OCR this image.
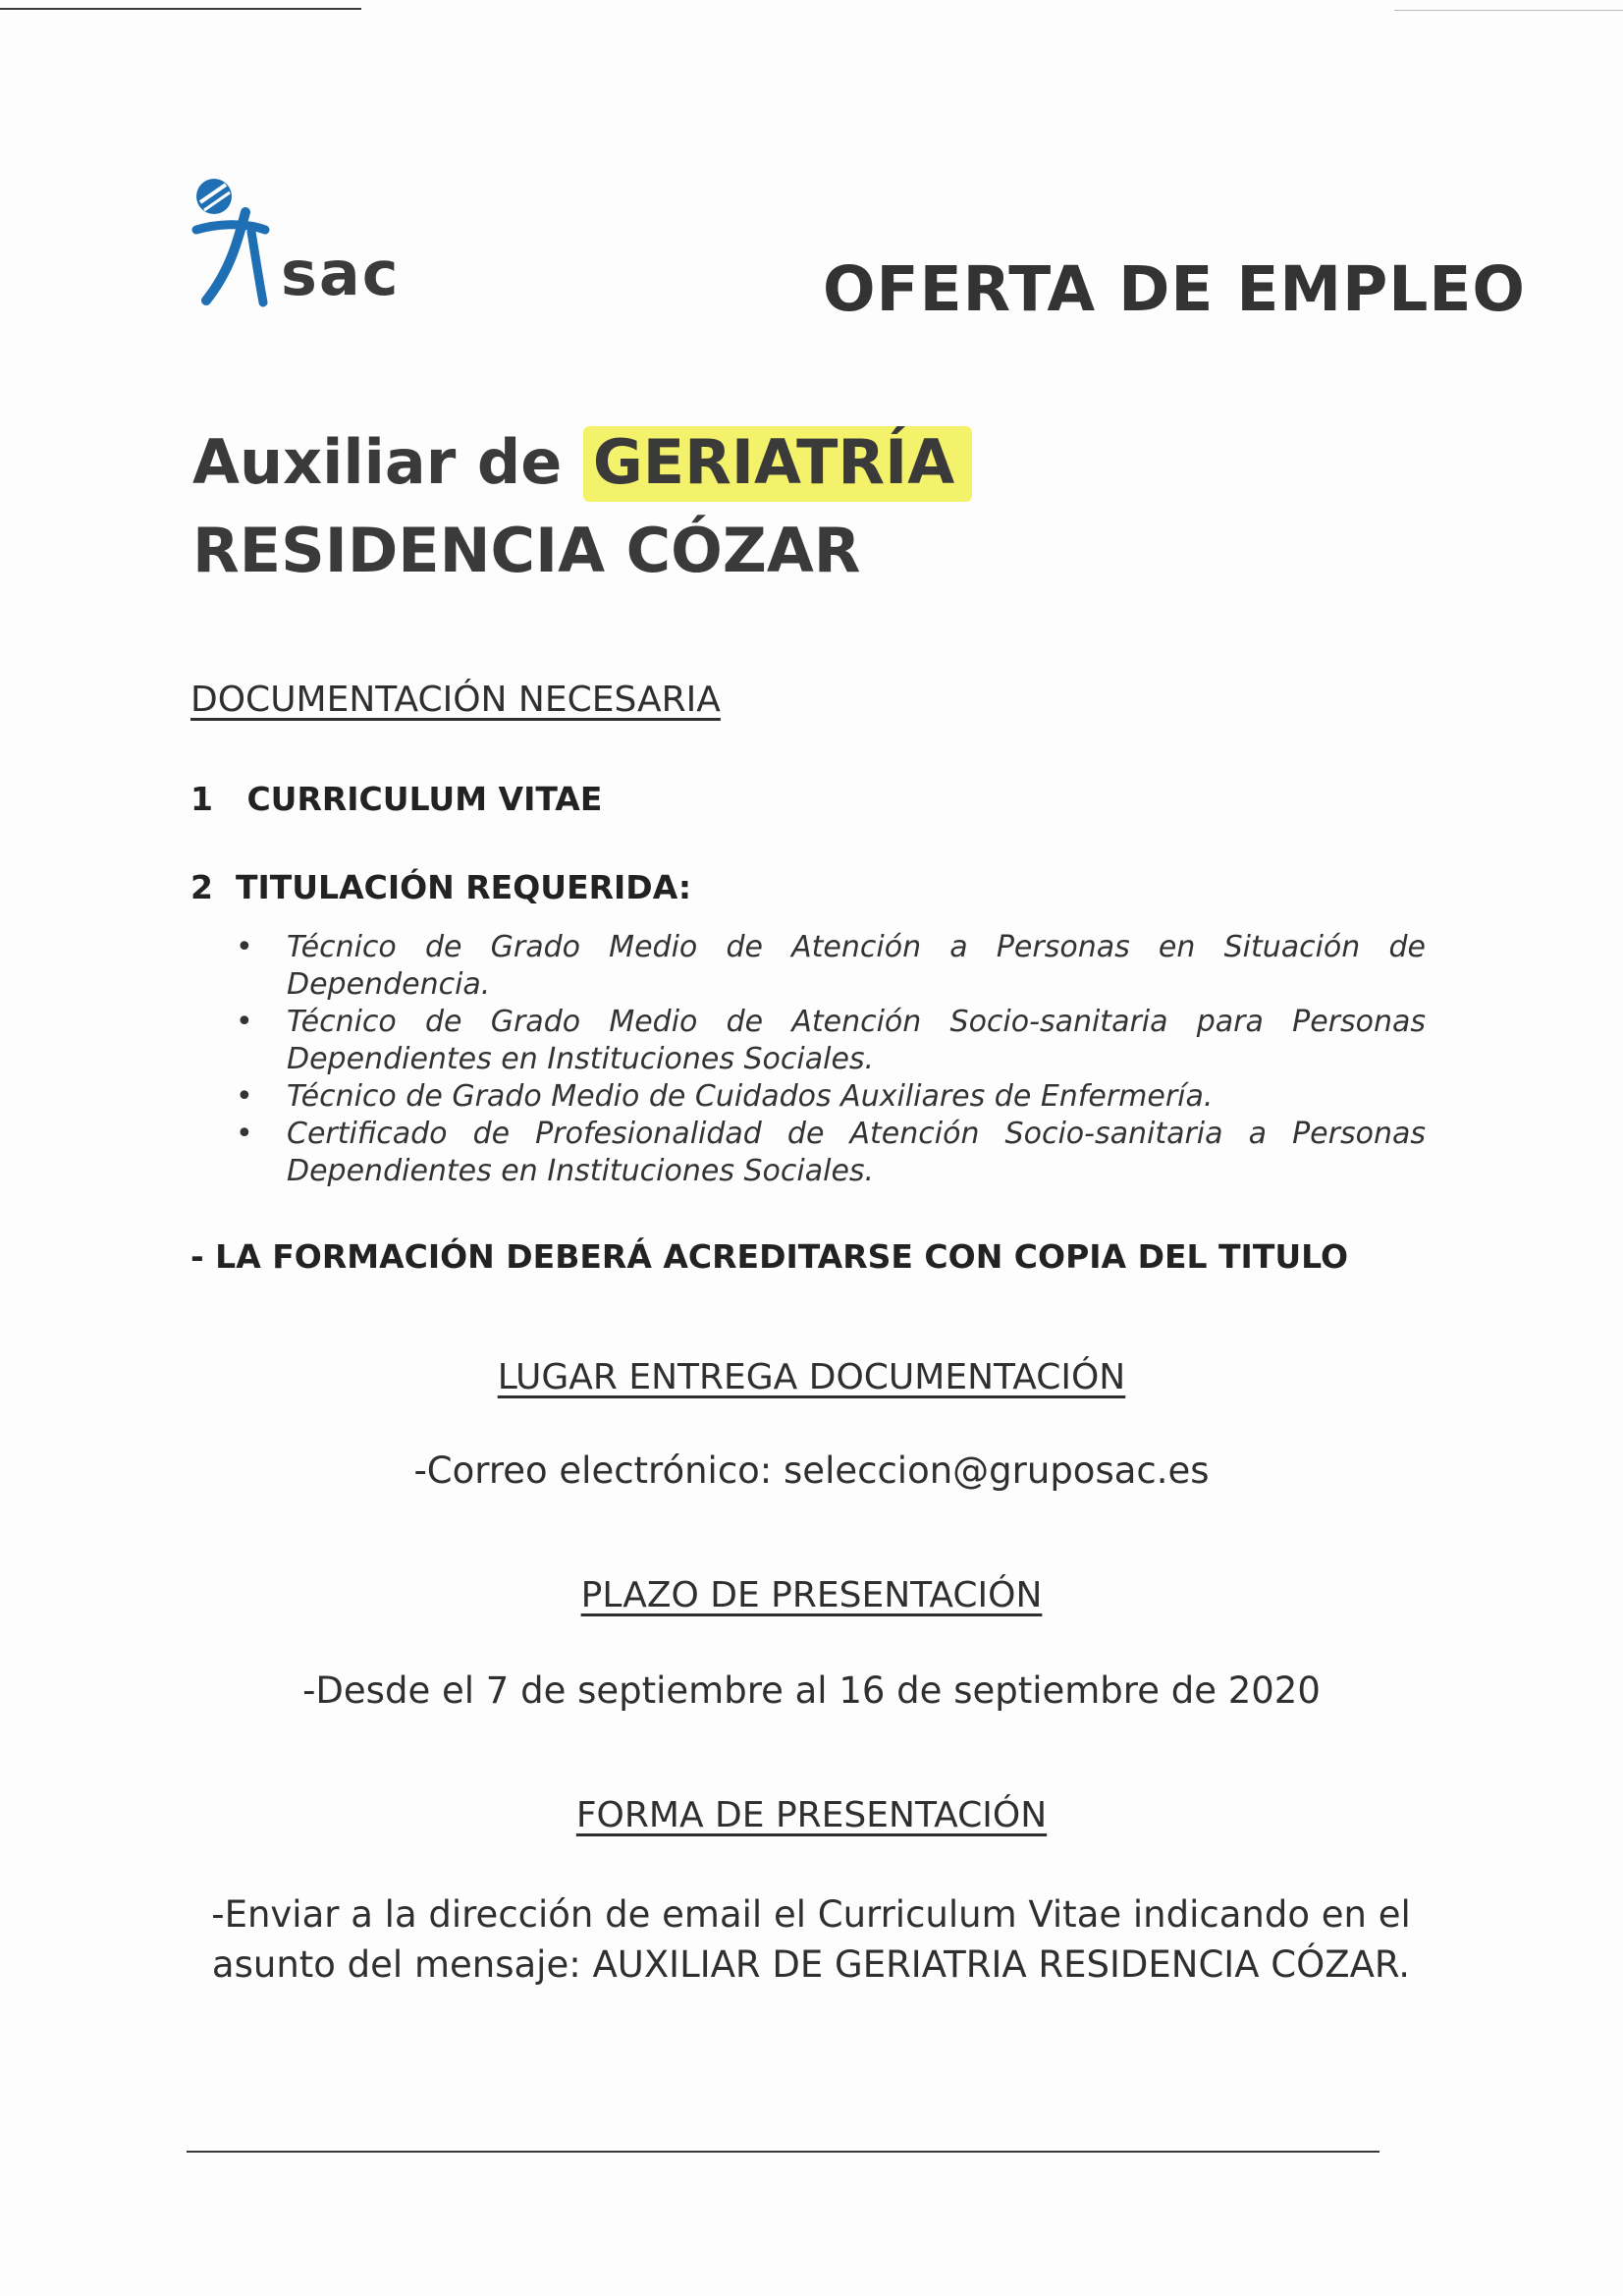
sac	OFERTA DE EMPLEO
Auxiliar de GERIATRÍA
RESIDENCIA CÓZAR
DOCUMENTACIÓN NECESARIA
1 CURRICULUM VITAE
2 TITULACIÓN REQUERIDA:
• Técnico de Grado Medio de Atención a Personas en Situación de Dependencia.
• Técnico de Grado Medio de Atención Socio-sanitaria para Personas Dependientes en Instituciones Sociales.
• Técnico de Grado Medio de Cuidados Auxiliares de Enfermería.
• Certificado de Profesionalidad de Atención Socio-sanitaria a Personas Dependientes en Instituciones Sociales.
- LA FORMACIÓN DEBERÁ ACREDITARSE CON COPIA DEL TITULO
LUGAR ENTREGA DOCUMENTACIÓN
-Correo electrónico: seleccion@gruposac.es
PLAZO DE PRESENTACIÓN
-Desde el 7 de septiembre al 16 de septiembre de 2020
FORMA DE PRESENTACIÓN
-Enviar a la dirección de email el Curriculum Vitae indicando en el asunto del mensaje: AUXILIAR DE GERIATRIA RESIDENCIA CÓZAR.
